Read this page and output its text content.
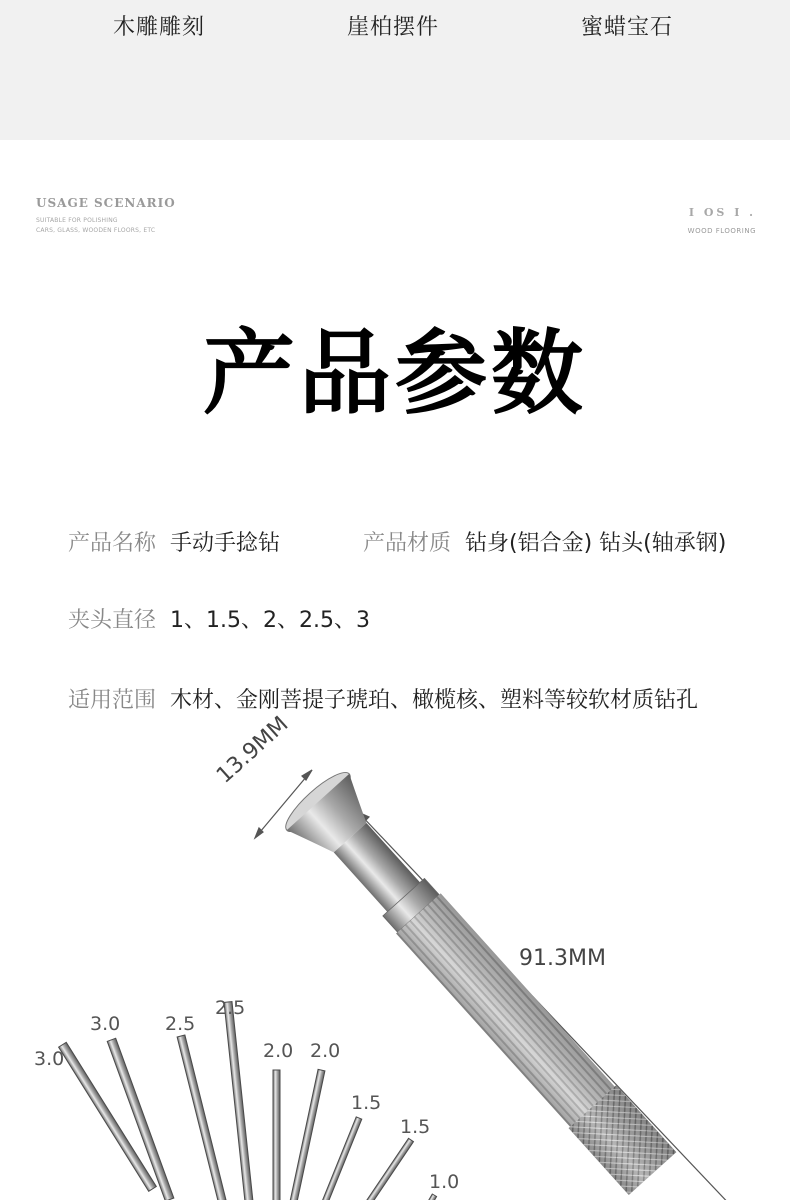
木雕雕刻	崖柏摆件	蜜蜡宝石
USAGE SCENARIO
SUITABLE FOR POLISHING
CARS, GLASS, WOODEN FLOORS, ETC
I OS I .
WOOD FLOORING
产品参数
产品名称 手动手捻钻	产品材质 钻身(铝合金) 钻头(轴承钢)
夹头直径 1、1.5、2、2.5、3
适用范围 木材、金刚菩提子琥珀、橄榄核、塑料等较软材质钻孔
13.9MM
91.3MM
3.0
3.0 2.5
2.5
2.0 2.0
1.5
1.5
1.0
